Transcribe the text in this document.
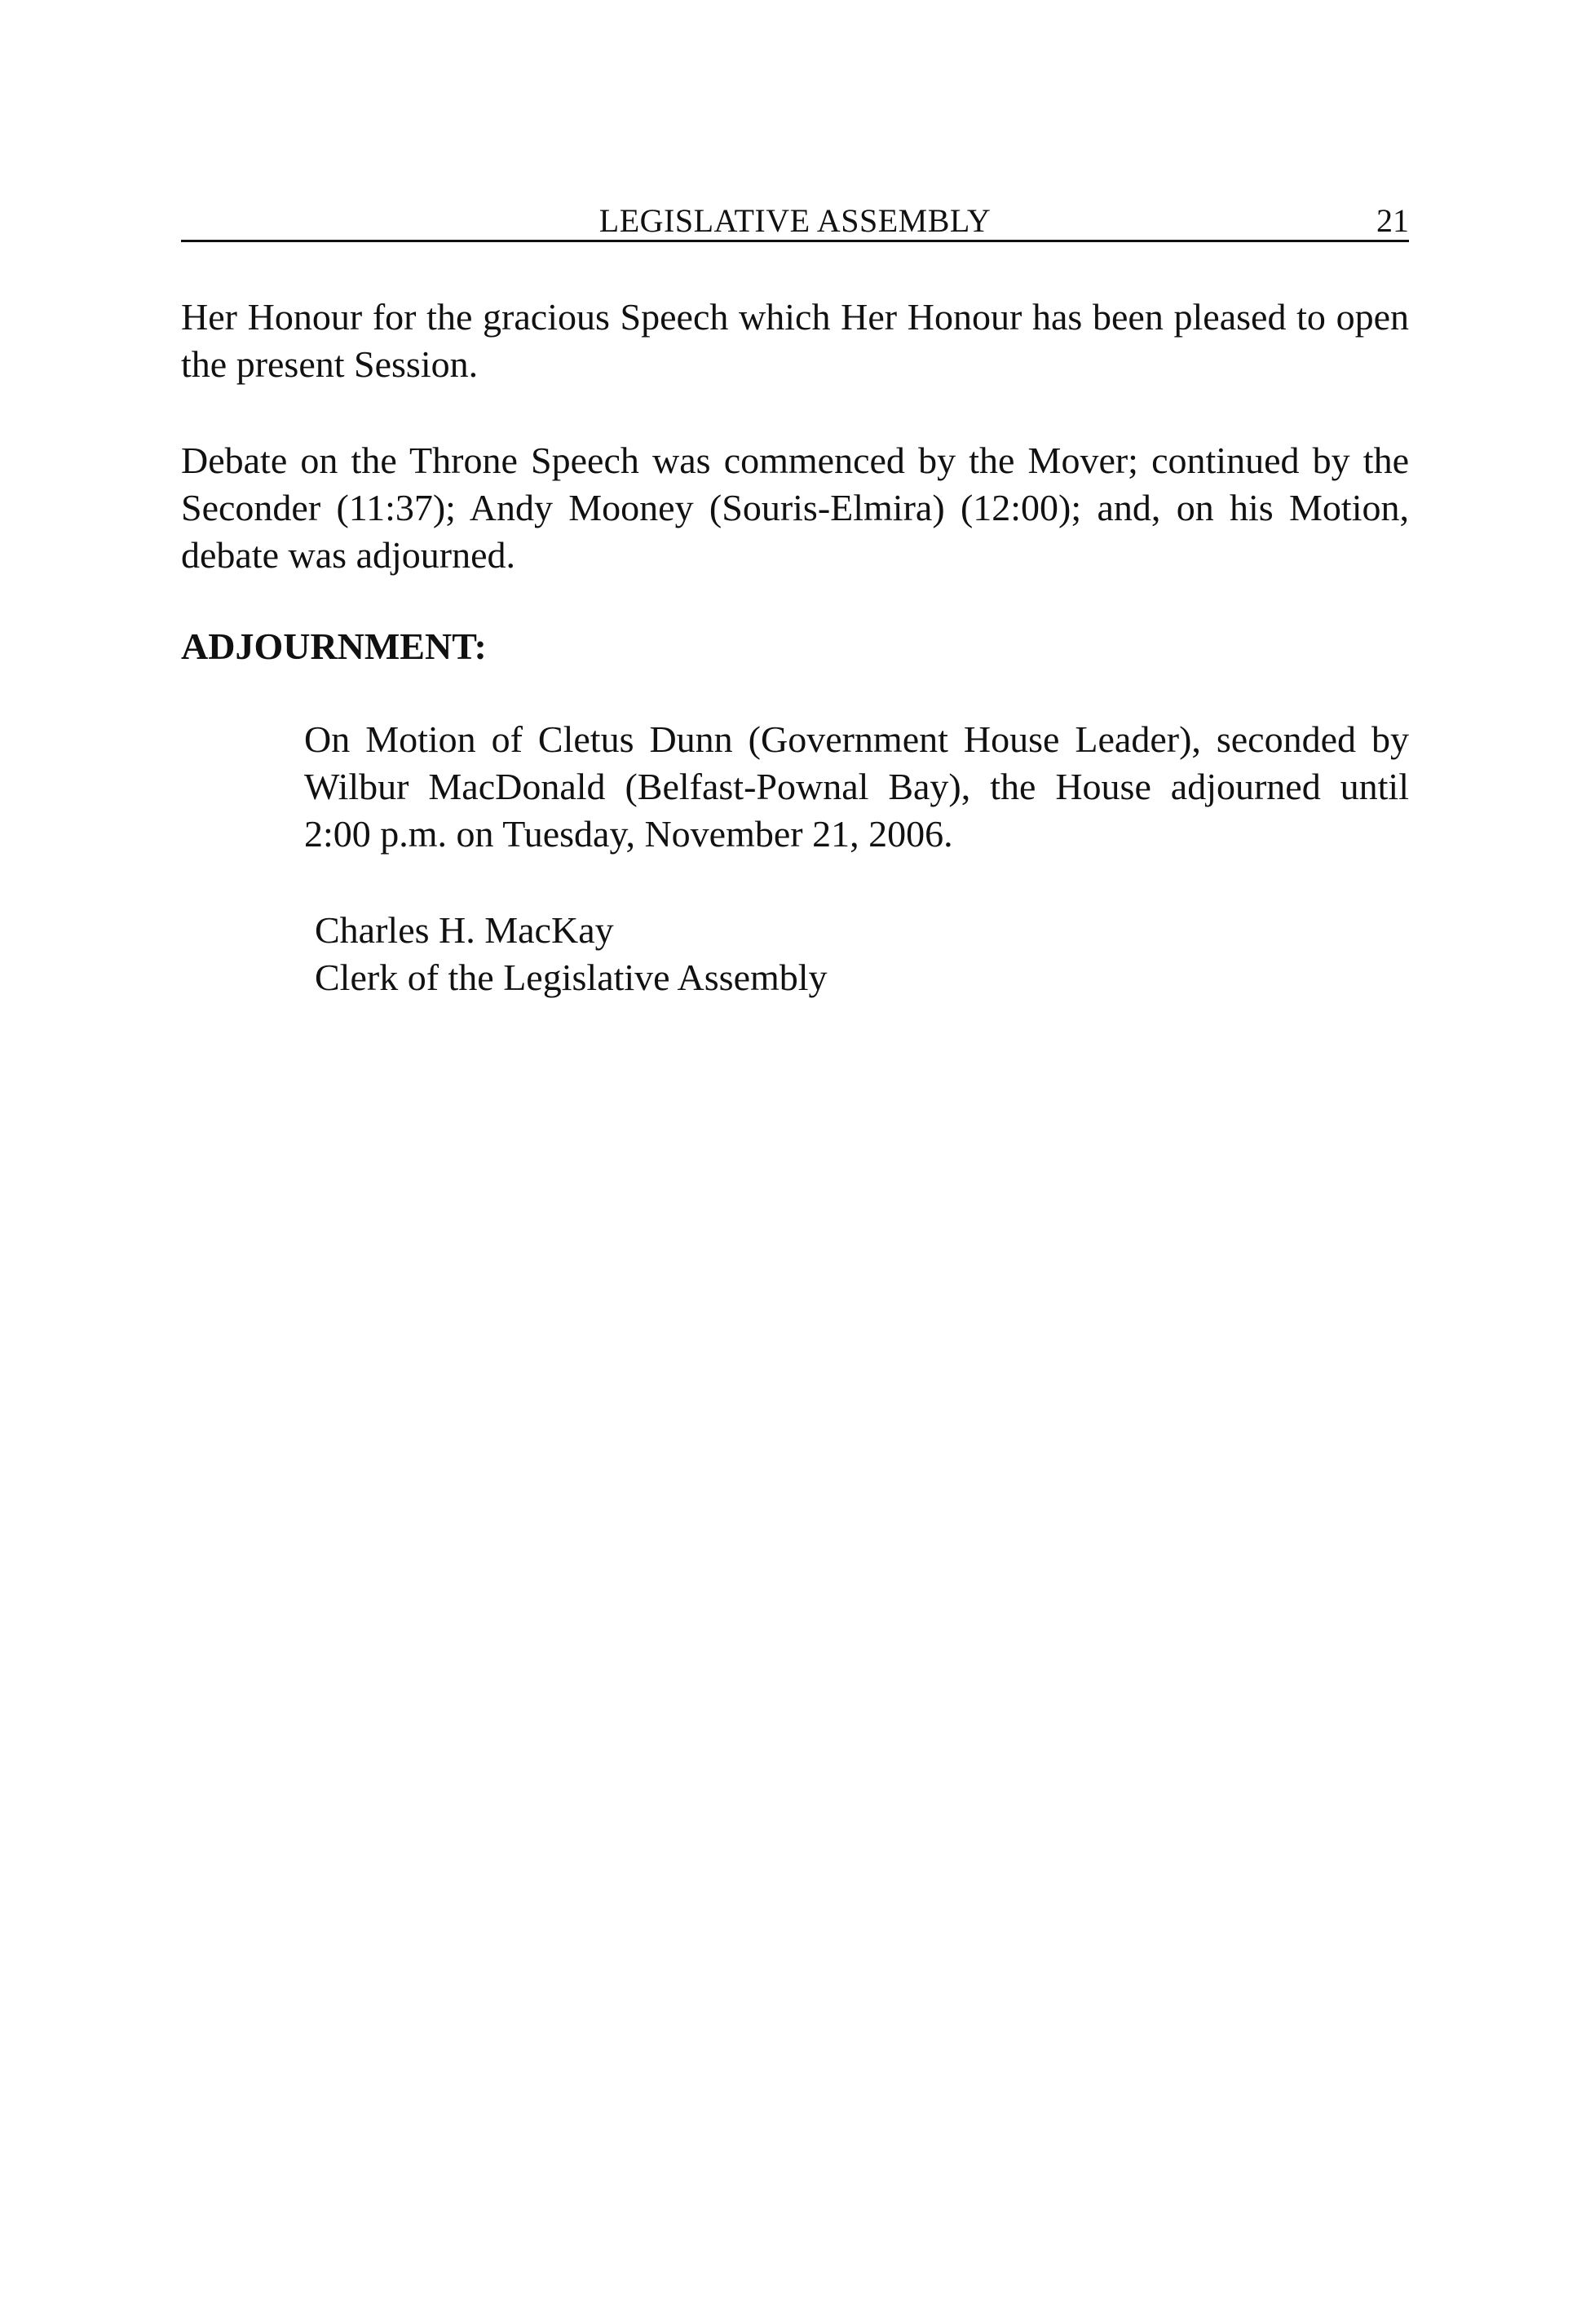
LEGISLATIVE ASSEMBLY	21

Her Honour for the gracious Speech which Her Honour has been pleased to open the present Session.

Debate on the Throne Speech was commenced by the Mover; continued by the Seconder (11:37); Andy Mooney (Souris-Elmira) (12:00); and, on his Motion, debate was adjourned.

ADJOURNMENT:

On Motion of Cletus Dunn (Government House Leader), seconded by Wilbur MacDonald (Belfast-Pownal Bay), the House adjourned until 2:00 p.m. on Tuesday, November 21, 2006.

Charles H. MacKay
Clerk of the Legislative Assembly
